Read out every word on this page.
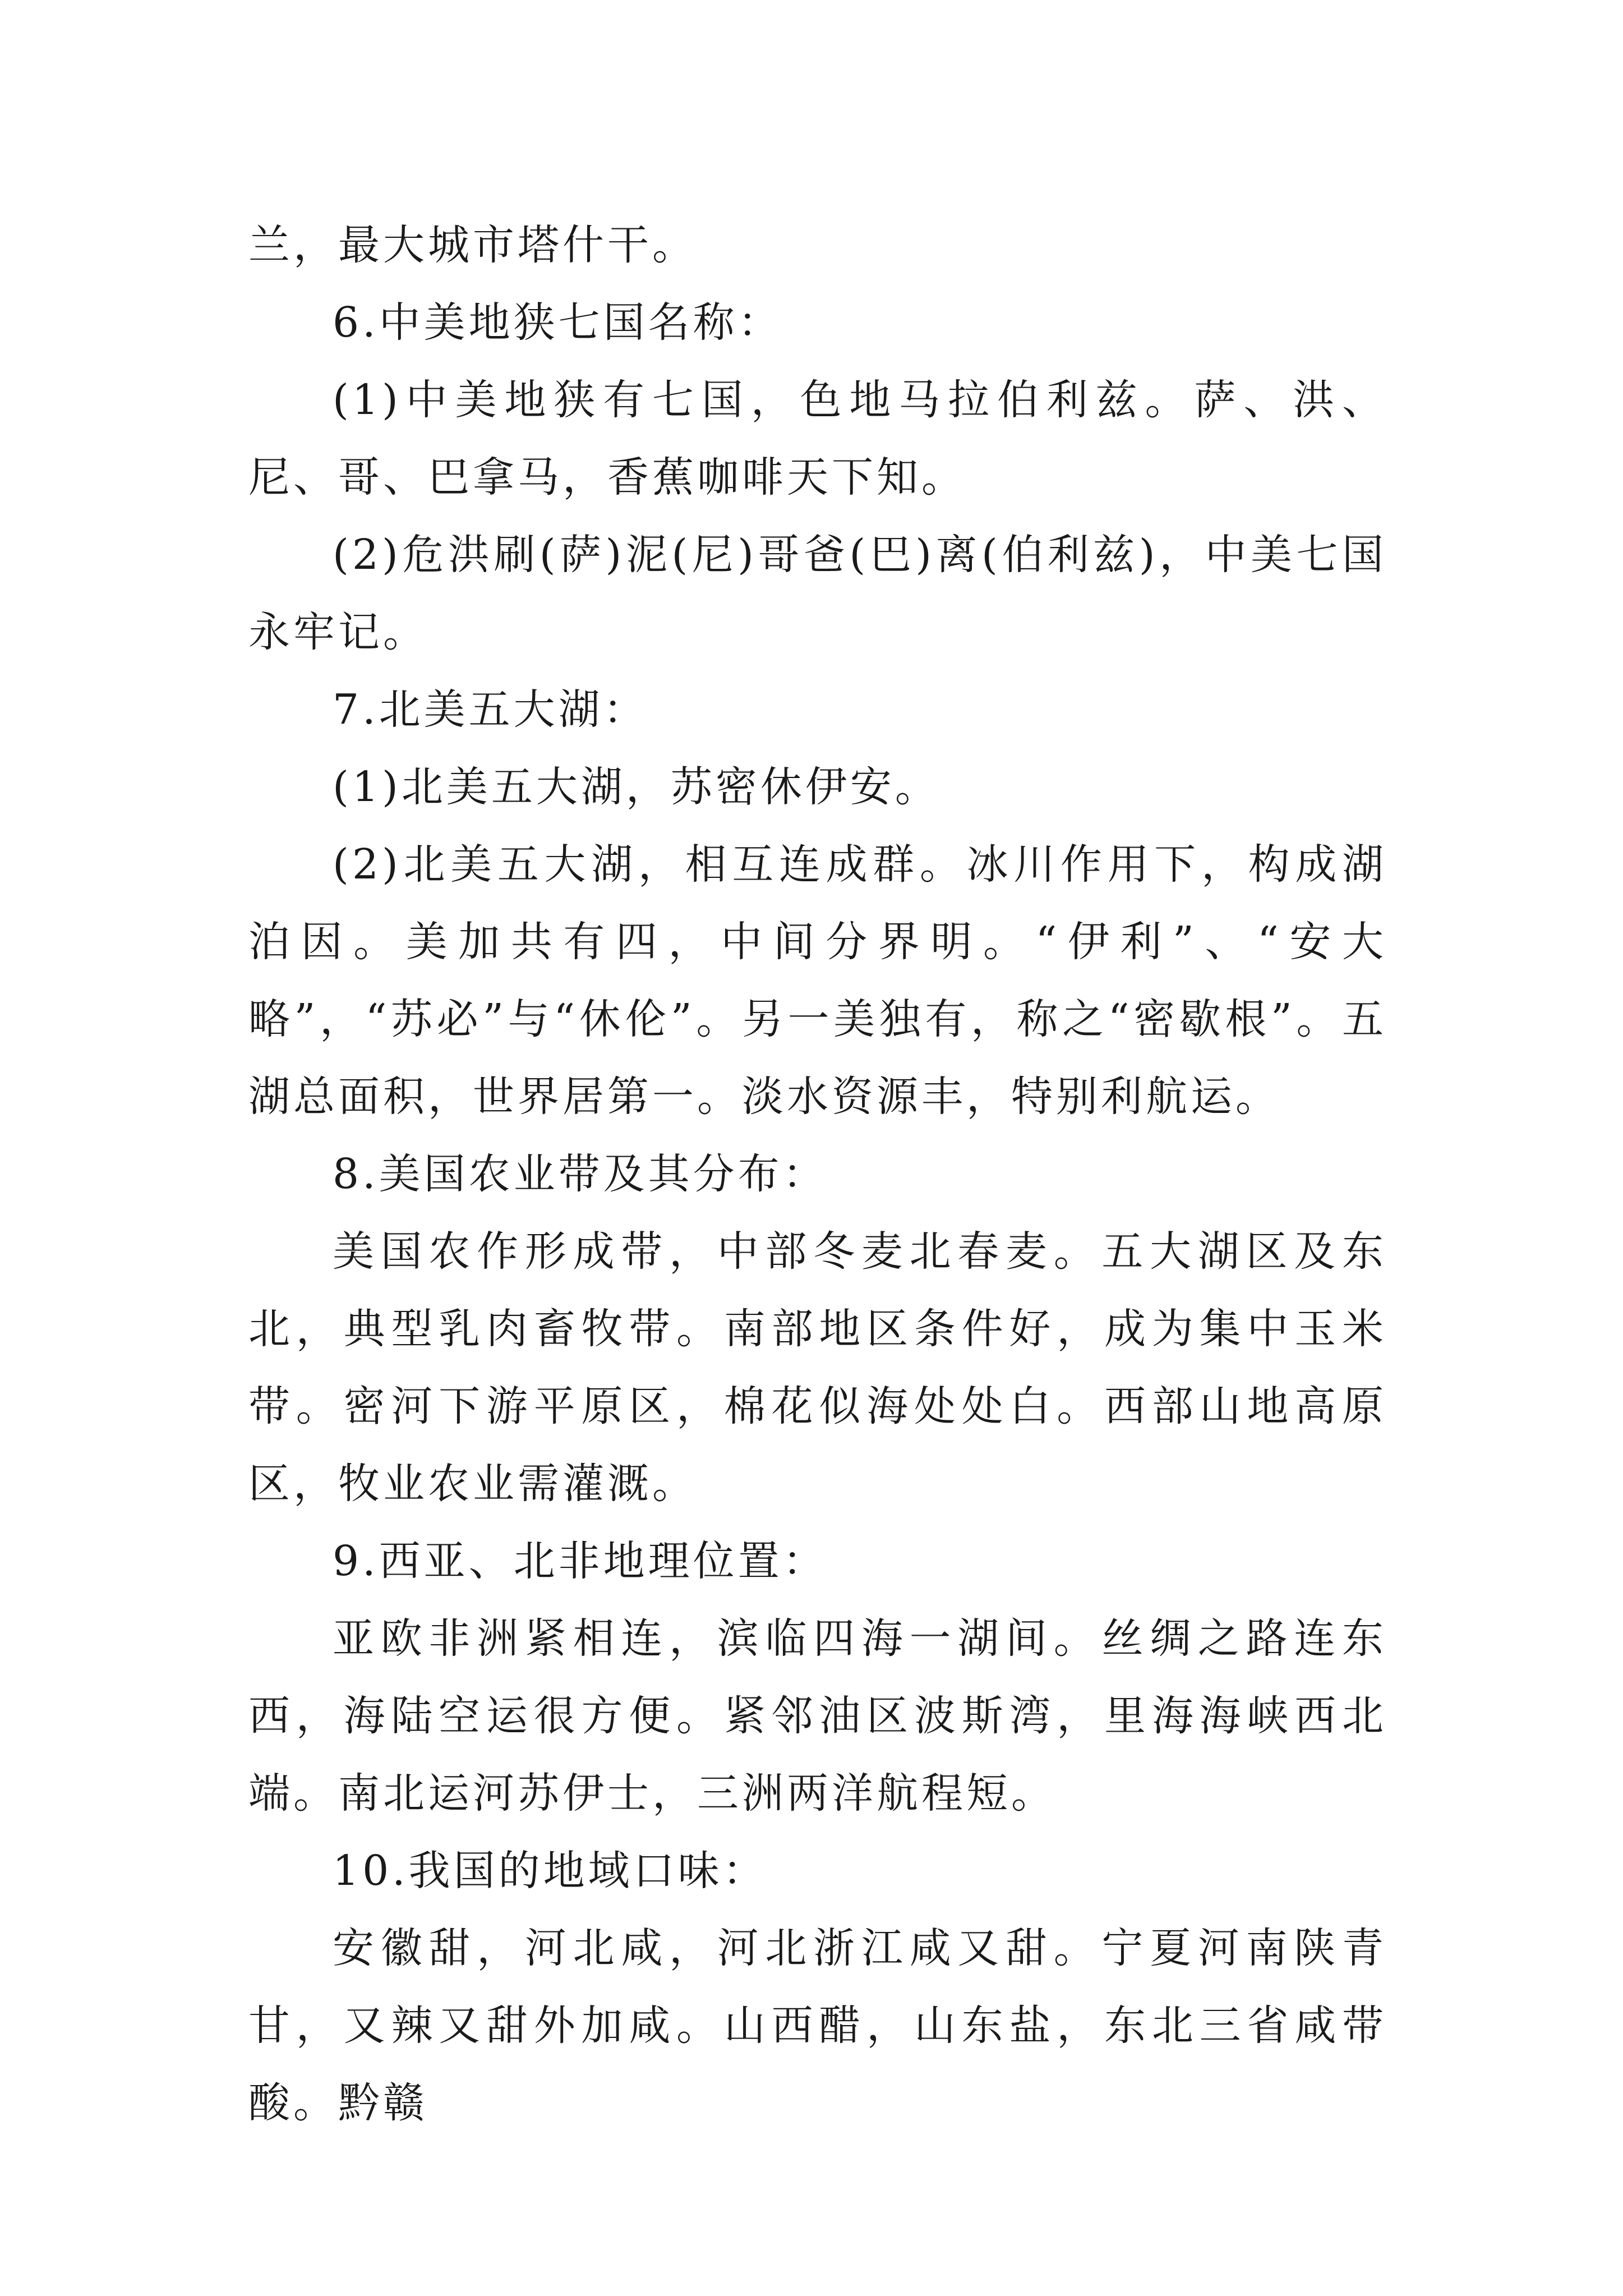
兰，最大城市塔什干。

6.中美地狭七国名称：

(1)中美地狭有七国，色地马拉伯利兹。萨、洪、尼、哥、巴拿马，香蕉咖啡天下知。

(2)危洪刷(萨)泥(尼)哥爸(巴)离(伯利兹)，中美七国永牢记。

7.北美五大湖：

(1)北美五大湖，苏密休伊安。

(2)北美五大湖，相互连成群。冰川作用下，构成湖泊因。美加共有四，中间分界明。“伊利”、“安大略”，“苏必”与“休伦”。另一美独有，称之“密歇根”。五湖总面积，世界居第一。淡水资源丰，特别利航运。

8.美国农业带及其分布：

美国农作形成带，中部冬麦北春麦。五大湖区及东北，典型乳肉畜牧带。南部地区条件好，成为集中玉米带。密河下游平原区，棉花似海处处白。西部山地高原区，牧业农业需灌溉。

9.西亚、北非地理位置：

亚欧非洲紧相连，滨临四海一湖间。丝绸之路连东西，海陆空运很方便。紧邻油区波斯湾，里海海峡西北端。南北运河苏伊士，三洲两洋航程短。

10.我国的地域口味：

安徽甜，河北咸，河北浙江咸又甜。宁夏河南陕青甘，又辣又甜外加咸。山西醋，山东盐，东北三省咸带酸。黔赣
